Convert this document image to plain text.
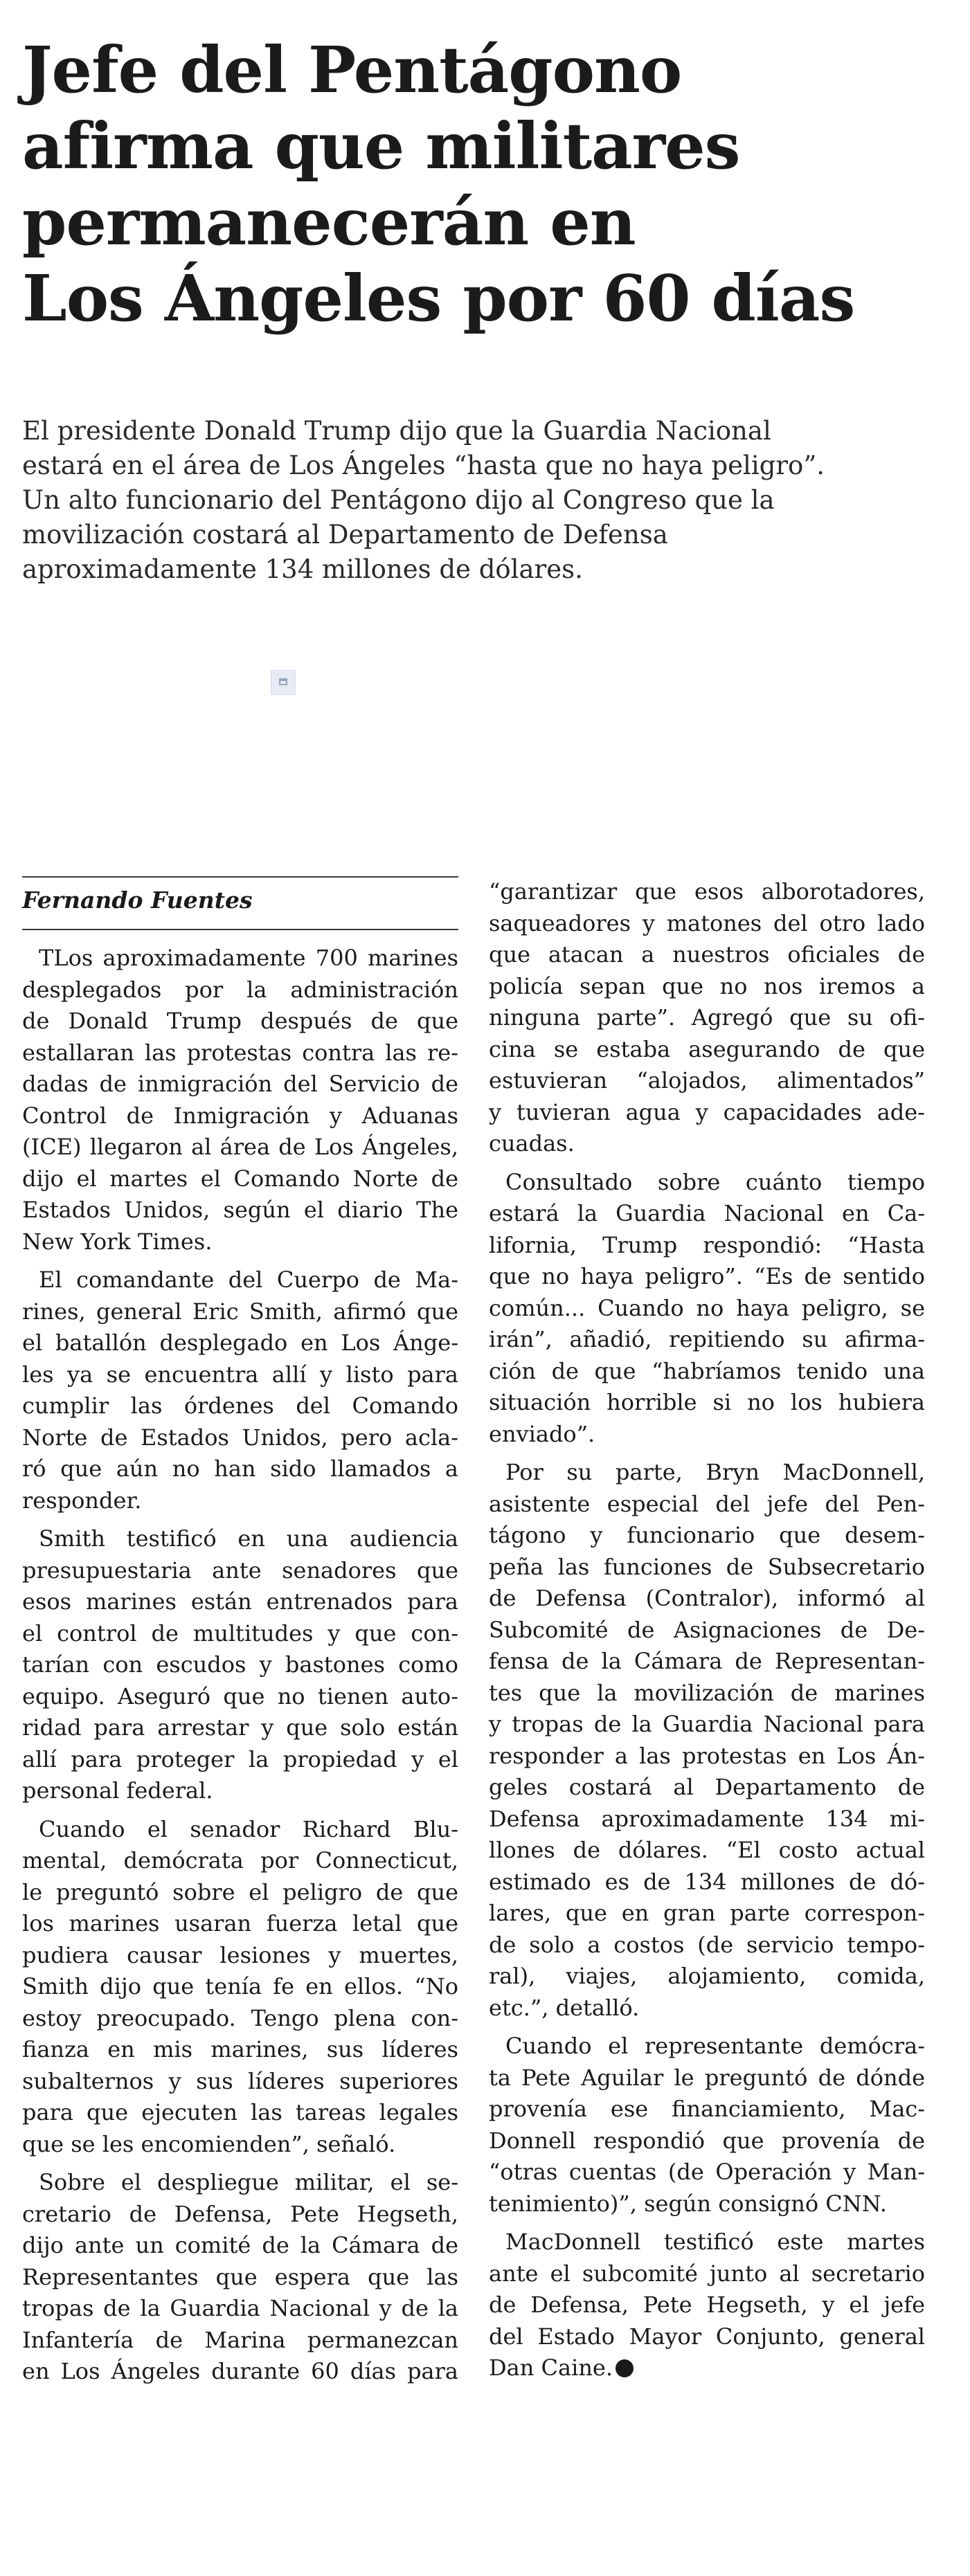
Jefe del Pentágono
afirma que militares
permanecerán en
Los Ángeles por 60 días

El presidente Donald Trump dijo que la Guardia Nacional
estará en el área de Los Ángeles “hasta que no haya peligro”.
Un alto funcionario del Pentágono dijo al Congreso que la
movilización costará al Departamento de Defensa
aproximadamente 134 millones de dólares.

Fernando Fuentes

TLos aproximadamente 700 marines
desplegados por la administración
de Donald Trump después de que
estallaran las protestas contra las re-
dadas de inmigración del Servicio de
Control de Inmigración y Aduanas
(ICE) llegaron al área de Los Ángeles,
dijo el martes el Comando Norte de
Estados Unidos, según el diario The
New York Times.
El comandante del Cuerpo de Ma-
rines, general Eric Smith, afirmó que
el batallón desplegado en Los Ánge-
les ya se encuentra allí y listo para
cumplir las órdenes del Comando
Norte de Estados Unidos, pero acla-
ró que aún no han sido llamados a
responder.
Smith testificó en una audiencia
presupuestaria ante senadores que
esos marines están entrenados para
el control de multitudes y que con-
tarían con escudos y bastones como
equipo. Aseguró que no tienen auto-
ridad para arrestar y que solo están
allí para proteger la propiedad y el
personal federal.
Cuando el senador Richard Blu-
mental, demócrata por Connecticut,
le preguntó sobre el peligro de que
los marines usaran fuerza letal que
pudiera causar lesiones y muertes,
Smith dijo que tenía fe en ellos. “No
estoy preocupado. Tengo plena con-
fianza en mis marines, sus líderes
subalternos y sus líderes superiores
para que ejecuten las tareas legales
que se les encomienden”, señaló.
Sobre el despliegue militar, el se-
cretario de Defensa, Pete Hegseth,
dijo ante un comité de la Cámara de
Representantes que espera que las
tropas de la Guardia Nacional y de la
Infantería de Marina permanezcan
en Los Ángeles durante 60 días para
“garantizar que esos alborotadores,
saqueadores y matones del otro lado
que atacan a nuestros oficiales de
policía sepan que no nos iremos a
ninguna parte”. Agregó que su ofi-
cina se estaba asegurando de que
estuvieran “alojados, alimentados”
y tuvieran agua y capacidades ade-
cuadas.
Consultado sobre cuánto tiempo
estará la Guardia Nacional en Ca-
lifornia, Trump respondió: “Hasta
que no haya peligro”. “Es de sentido
común... Cuando no haya peligro, se
irán”, añadió, repitiendo su afirma-
ción de que “habríamos tenido una
situación horrible si no los hubiera
enviado”.
Por su parte, Bryn MacDonnell,
asistente especial del jefe del Pen-
tágono y funcionario que desem-
peña las funciones de Subsecretario
de Defensa (Contralor), informó al
Subcomité de Asignaciones de De-
fensa de la Cámara de Representan-
tes que la movilización de marines
y tropas de la Guardia Nacional para
responder a las protestas en Los Án-
geles costará al Departamento de
Defensa aproximadamente 134 mi-
llones de dólares. “El costo actual
estimado es de 134 millones de dó-
lares, que en gran parte correspon-
de solo a costos (de servicio tempo-
ral), viajes, alojamiento, comida,
etc.”, detalló.
Cuando el representante demócra-
ta Pete Aguilar le preguntó de dónde
provenía ese financiamiento, Mac-
Donnell respondió que provenía de
“otras cuentas (de Operación y Man-
tenimiento)”, según consignó CNN.
MacDonnell testificó este martes
ante el subcomité junto al secretario
de Defensa, Pete Hegseth, y el jefe
del Estado Mayor Conjunto, general
Dan Caine.
